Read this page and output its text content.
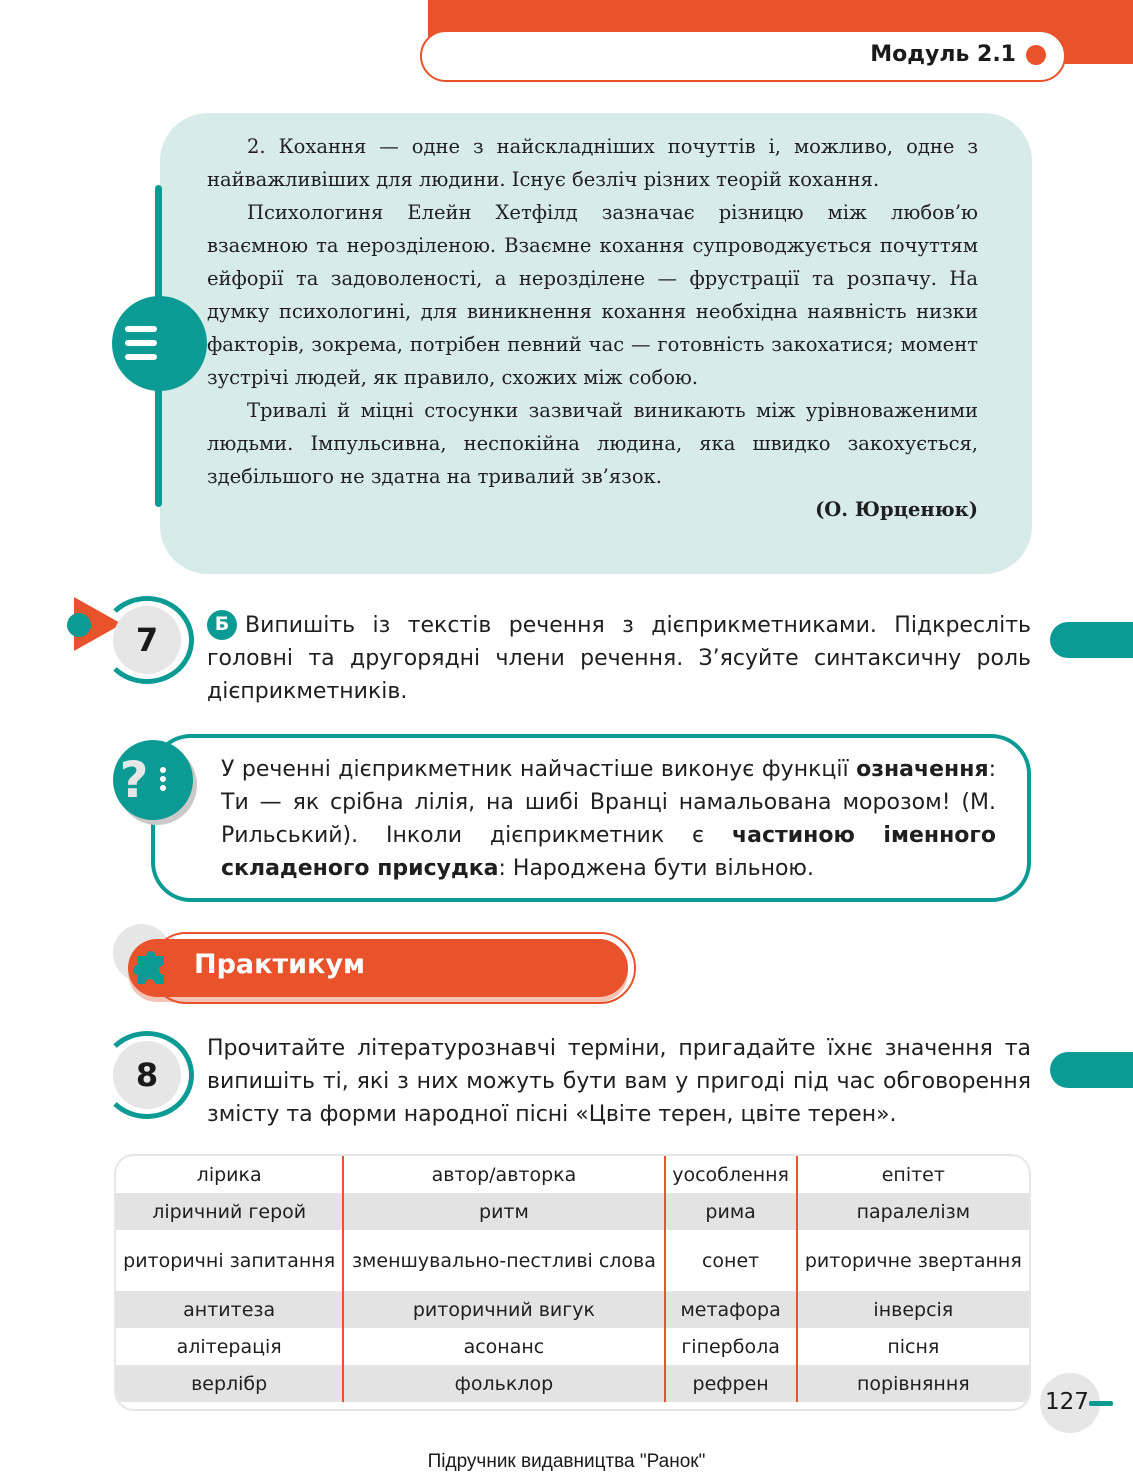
Модуль 2.1

2. Кохання — одне з найскладніших почуттів і, можливо, одне з найважливіших для людини. Існує безліч різних теорій кохання.

Психологиня Елейн Хетфілд зазначає різницю між любов’ю взаємною та нерозділеною. Взаємне кохання супроводжується почуттям ейфорії та задоволеності, а нерозділене — фрустрації та розпачу. На думку психологині, для виникнення кохання необхідна наявність низки факторів, зокрема, потрібен певний час — готовність закохатися; момент зустрічі людей, як правило, схожих між собою.

Тривалі й міцні стосунки зазвичай виникають між урівноваженими людьми. Імпульсивна, неспокійна людина, яка швидко закохується, здебільшого не здатна на тривалий зв’язок.

(О. Юрценюк)

7	Б Випишіть із текстів речення з дієприкметниками. Підкресліть головні та другорядні члени речення. З’ясуйте синтаксичну роль дієприкметників.
?	У реченні дієприкметник найчастіше виконує функції означення: Ти — як срібна лілія, на шибі Вранці намальована морозом! (М. Рильський). Інколи дієприкметник є частиною іменного складеного присудка: Народжена бути вільною.
Практикум
8
Прочитайте літературознавчі терміни, пригадайте їхнє значення та випишіть ті, які з них можуть бути вам у пригоді під час обговорення змісту та форми народної пісні «Цвіте терен, цвіте терен».
лірика	автор/авторка	уособлення	епітет
ліричний герой	ритм	рима	паралелізм
риторичні запитання	зменшувально-пестливі слова	сонет	риторичне звертання
антитеза	риторичний вигук	метафора	інверсія
алітерація	асонанс	гіпербола	пісня
верлібр	фольклор	рефрен	порівняння
127
Підручник видавництва "Ранок"
